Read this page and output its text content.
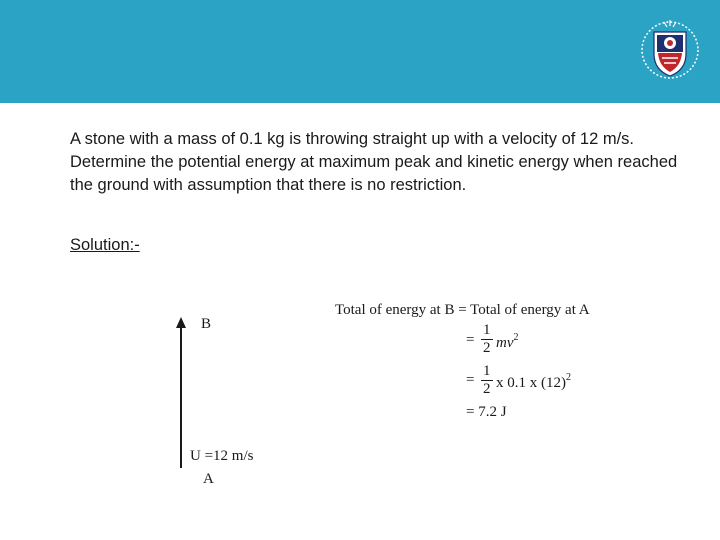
A stone with a mass of 0.1 kg is throwing straight up with a velocity of 12 m/s. Determine the potential energy at maximum peak and kinetic energy when reached the ground with assumption that there is no restriction.

Solution:-
B
U =12 m/s
A
Total of energy at B = Total of energy at A
= $\frac{1}{2} mv^2$
= $\frac{1}{2}$ x 0.1 x $(12)^2$
= 7.2 J
